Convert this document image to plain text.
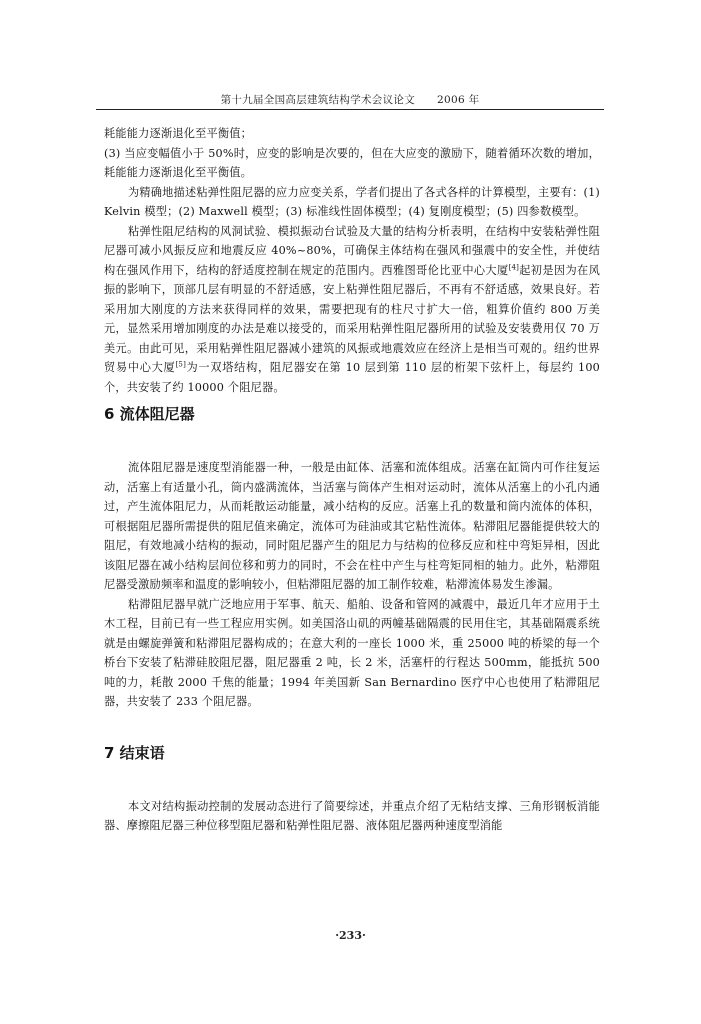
第十九届全国高层建筑结构学术会议论文 2006 年

耗能能力逐渐退化至平衡值；

(3) 当应变幅值小于 50%时，应变的影响是次要的，但在大应变的激励下，随着循环次数的增加，耗能能力逐渐退化至平衡值。

为精确地描述粘弹性阻尼器的应力应变关系，学者们提出了各式各样的计算模型，主要有：(1) Kelvin 模型；(2) Maxwell 模型；(3) 标准线性固体模型；(4) 复刚度模型；(5) 四参数模型。

粘弹性阻尼结构的风洞试验、模拟振动台试验及大量的结构分析表明，在结构中安装粘弹性阻尼器可减小风振反应和地震反应 40%~80%，可确保主体结构在强风和强震中的安全性，并使结构在强风作用下，结构的舒适度控制在规定的范围内。西雅图哥伦比亚中心大厦[4]起初是因为在风振的影响下，顶部几层有明显的不舒适感，安上粘弹性阻尼器后，不再有不舒适感，效果良好。若采用加大刚度的方法来获得同样的效果，需要把现有的柱尺寸扩大一倍，粗算价值约 800 万美元，显然采用增加刚度的办法是难以接受的，而采用粘弹性阻尼器所用的试验及安装费用仅 70 万美元。由此可见，采用粘弹性阻尼器减小建筑的风振或地震效应在经济上是相当可观的。纽约世界贸易中心大厦[5]为一双塔结构，阻尼器安在第 10 层到第 110 层的桁架下弦杆上，每层约 100 个，共安装了约 10000 个阻尼器。

6 流体阻尼器

流体阻尼器是速度型消能器一种，一般是由缸体、活塞和流体组成。活塞在缸筒内可作往复运动，活塞上有适量小孔，筒内盛满流体，当活塞与筒体产生相对运动时，流体从活塞上的小孔内通过，产生流体阻尼力，从而耗散运动能量，减小结构的反应。活塞上孔的数量和筒内流体的体积，可根据阻尼器所需提供的阻尼值来确定，流体可为硅油或其它粘性流体。粘滞阻尼器能提供较大的阻尼，有效地减小结构的振动，同时阻尼器产生的阻尼力与结构的位移反应和柱中弯矩异相，因此该阻尼器在减小结构层间位移和剪力的同时，不会在柱中产生与柱弯矩同相的轴力。此外，粘滞阻尼器受激励频率和温度的影响较小，但粘滞阻尼器的加工制作较难，粘滞流体易发生渗漏。

粘滞阻尼器早就广泛地应用于军事、航天、船舶、设备和管网的减震中，最近几年才应用于土木工程，目前已有一些工程应用实例。如美国洛山矶的两幢基础隔震的民用住宅，其基础隔震系统就是由螺旋弹簧和粘滞阻尼器构成的；在意大利的一座长 1000 米，重 25000 吨的桥梁的每一个桥台下安装了粘滞硅胶阻尼器，阻尼器重 2 吨，长 2 米，活塞杆的行程达 500mm，能抵抗 500 吨的力，耗散 2000 千焦的能量；1994 年美国新 San Bernardino 医疗中心也使用了粘滞阻尼器，共安装了 233 个阻尼器。

7 结束语

本文对结构振动控制的发展动态进行了简要综述，并重点介绍了无粘结支撑、三角形钢板消能器、摩擦阻尼器三种位移型阻尼器和粘弹性阻尼器、液体阻尼器两种速度型消能

·233·
